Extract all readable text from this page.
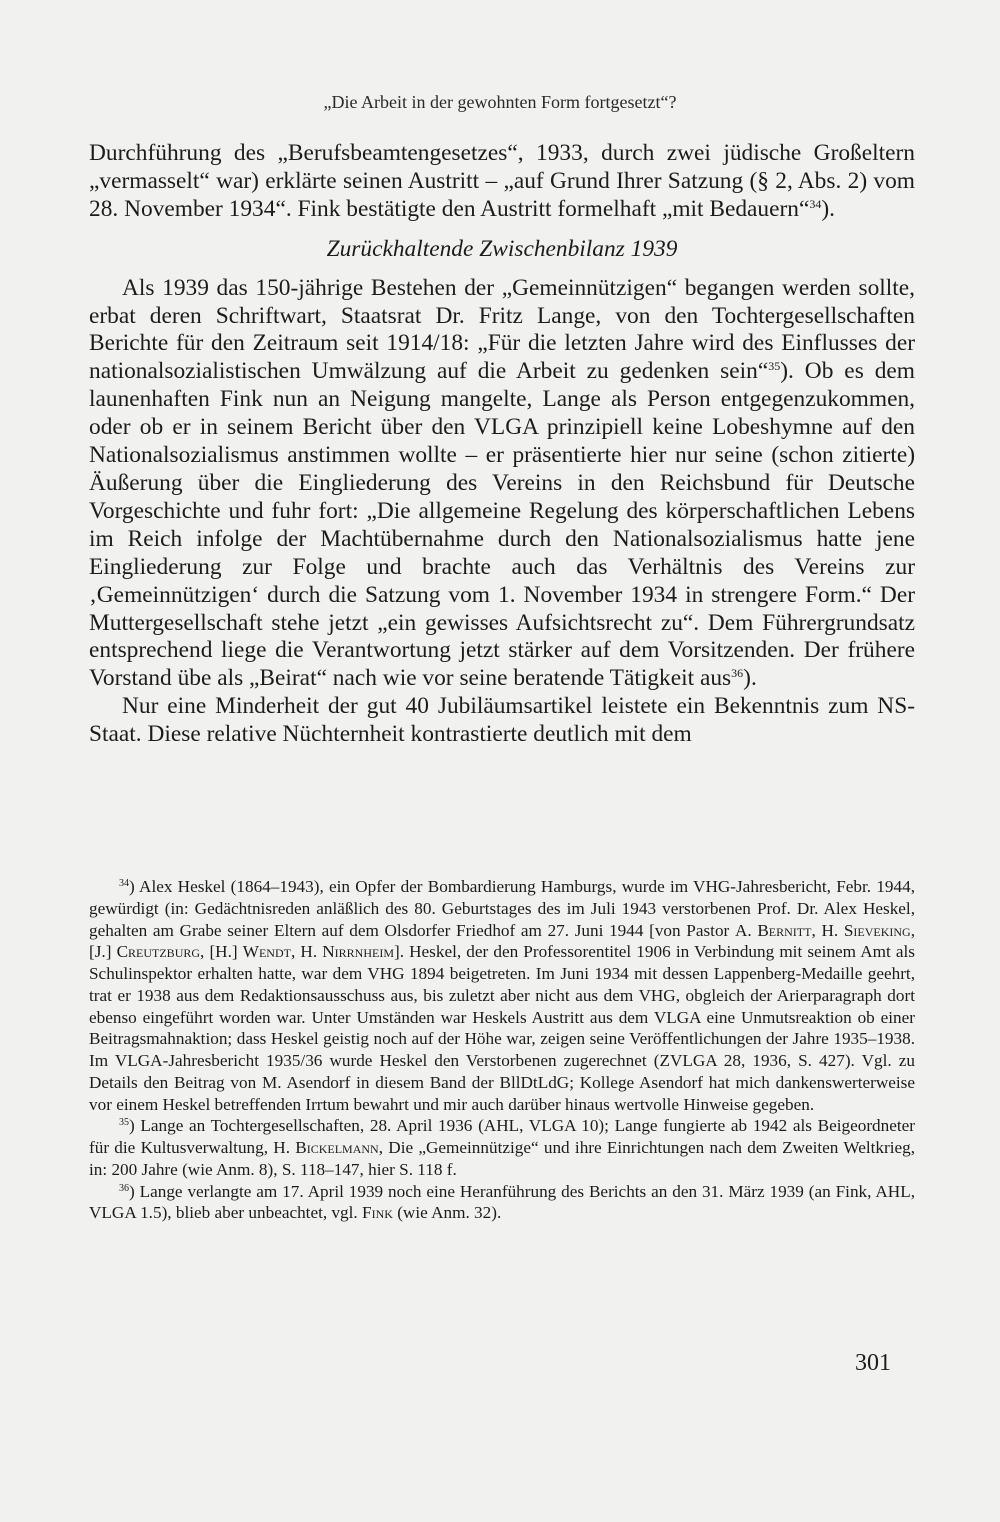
„Die Arbeit in der gewohnten Form fortgesetzt“?

Durchführung des „Berufsbeamtengesetzes“, 1933, durch zwei jüdische Großeltern „vermasselt“ war) erklärte seinen Austritt – „auf Grund Ihrer Satzung (§ 2, Abs. 2) vom 28. November 1934“. Fink bestätigte den Austritt formelhaft „mit Bedauern“$^{34}$).

Zurückhaltende Zwischenbilanz 1939

Als 1939 das 150-jährige Bestehen der „Gemeinnützigen“ begangen werden sollte, erbat deren Schriftwart, Staatsrat Dr. Fritz Lange, von den Tochtergesellschaften Berichte für den Zeitraum seit 1914/18: „Für die letzten Jahre wird des Einflusses der nationalsozialistischen Umwälzung auf die Arbeit zu gedenken sein“$^{35}$). Ob es dem launenhaften Fink nun an Neigung mangelte, Lange als Person entgegenzukommen, oder ob er in seinem Bericht über den VLGA prinzipiell keine Lobeshymne auf den Nationalsozialismus anstimmen wollte – er präsentierte hier nur seine (schon zitierte) Äußerung über die Eingliederung des Vereins in den Reichsbund für Deutsche Vorgeschichte und fuhr fort: „Die allgemeine Regelung des körperschaftlichen Lebens im Reich infolge der Machtübernahme durch den Nationalsozialismus hatte jene Eingliederung zur Folge und brachte auch das Verhältnis des Vereins zur ‚Gemeinnützigen‘ durch die Satzung vom 1. November 1934 in strengere Form.“ Der Muttergesellschaft stehe jetzt „ein gewisses Aufsichtsrecht zu“. Dem Führergrundsatz entsprechend liege die Verantwortung jetzt stärker auf dem Vorsitzenden. Der frühere Vorstand übe als „Beirat“ nach wie vor seine beratende Tätigkeit aus$^{36}$).

Nur eine Minderheit der gut 40 Jubiläumsartikel leistete ein Bekenntnis zum NS-Staat. Diese relative Nüchternheit kontrastierte deutlich mit dem

$^{34}$) Alex Heskel (1864–1943), ein Opfer der Bombardierung Hamburgs, wurde im VHG-Jahresbericht, Febr. 1944, gewürdigt (in: Gedächtnisreden anläßlich des 80. Geburtstages des im Juli 1943 verstorbenen Prof. Dr. Alex Heskel, gehalten am Grabe seiner Eltern auf dem Olsdorfer Friedhof am 27. Juni 1944 [von Pastor A. Bernitt, H. Sieveking, [J.] Creutzburg, [H.] Wendt, H. Nirrnheim]. Heskel, der den Professorentitel 1906 in Verbindung mit seinem Amt als Schulinspektor erhalten hatte, war dem VHG 1894 beigetreten. Im Juni 1934 mit dessen Lappenberg-Medaille geehrt, trat er 1938 aus dem Redaktionsausschuss aus, bis zuletzt aber nicht aus dem VHG, obgleich der Arierparagraph dort ebenso eingeführt worden war. Unter Umständen war Heskels Austritt aus dem VLGA eine Unmutsreaktion ob einer Beitragsmahnaktion; dass Heskel geistig noch auf der Höhe war, zeigen seine Veröffentlichungen der Jahre 1935–1938. Im VLGA-Jahresbericht 1935/36 wurde Heskel den Verstorbenen zugerechnet (ZVLGA 28, 1936, S. 427). Vgl. zu Details den Beitrag von M. Asendorf in diesem Band der BllDtLdG; Kollege Asendorf hat mich dankenswerterweise vor einem Heskel betreffenden Irrtum bewahrt und mir auch darüber hinaus wertvolle Hinweise gegeben.

$^{35}$) Lange an Tochtergesellschaften, 28. April 1936 (AHL, VLGA 10); Lange fungierte ab 1942 als Beigeordneter für die Kultusverwaltung, H. Bickelmann, Die „Gemeinnützige“ und ihre Einrichtungen nach dem Zweiten Weltkrieg, in: 200 Jahre (wie Anm. 8), S. 118–147, hier S. 118 f.

$^{36}$) Lange verlangte am 17. April 1939 noch eine Heranführung des Berichts an den 31. März 1939 (an Fink, AHL, VLGA 1.5), blieb aber unbeachtet, vgl. Fink (wie Anm. 32).

301
